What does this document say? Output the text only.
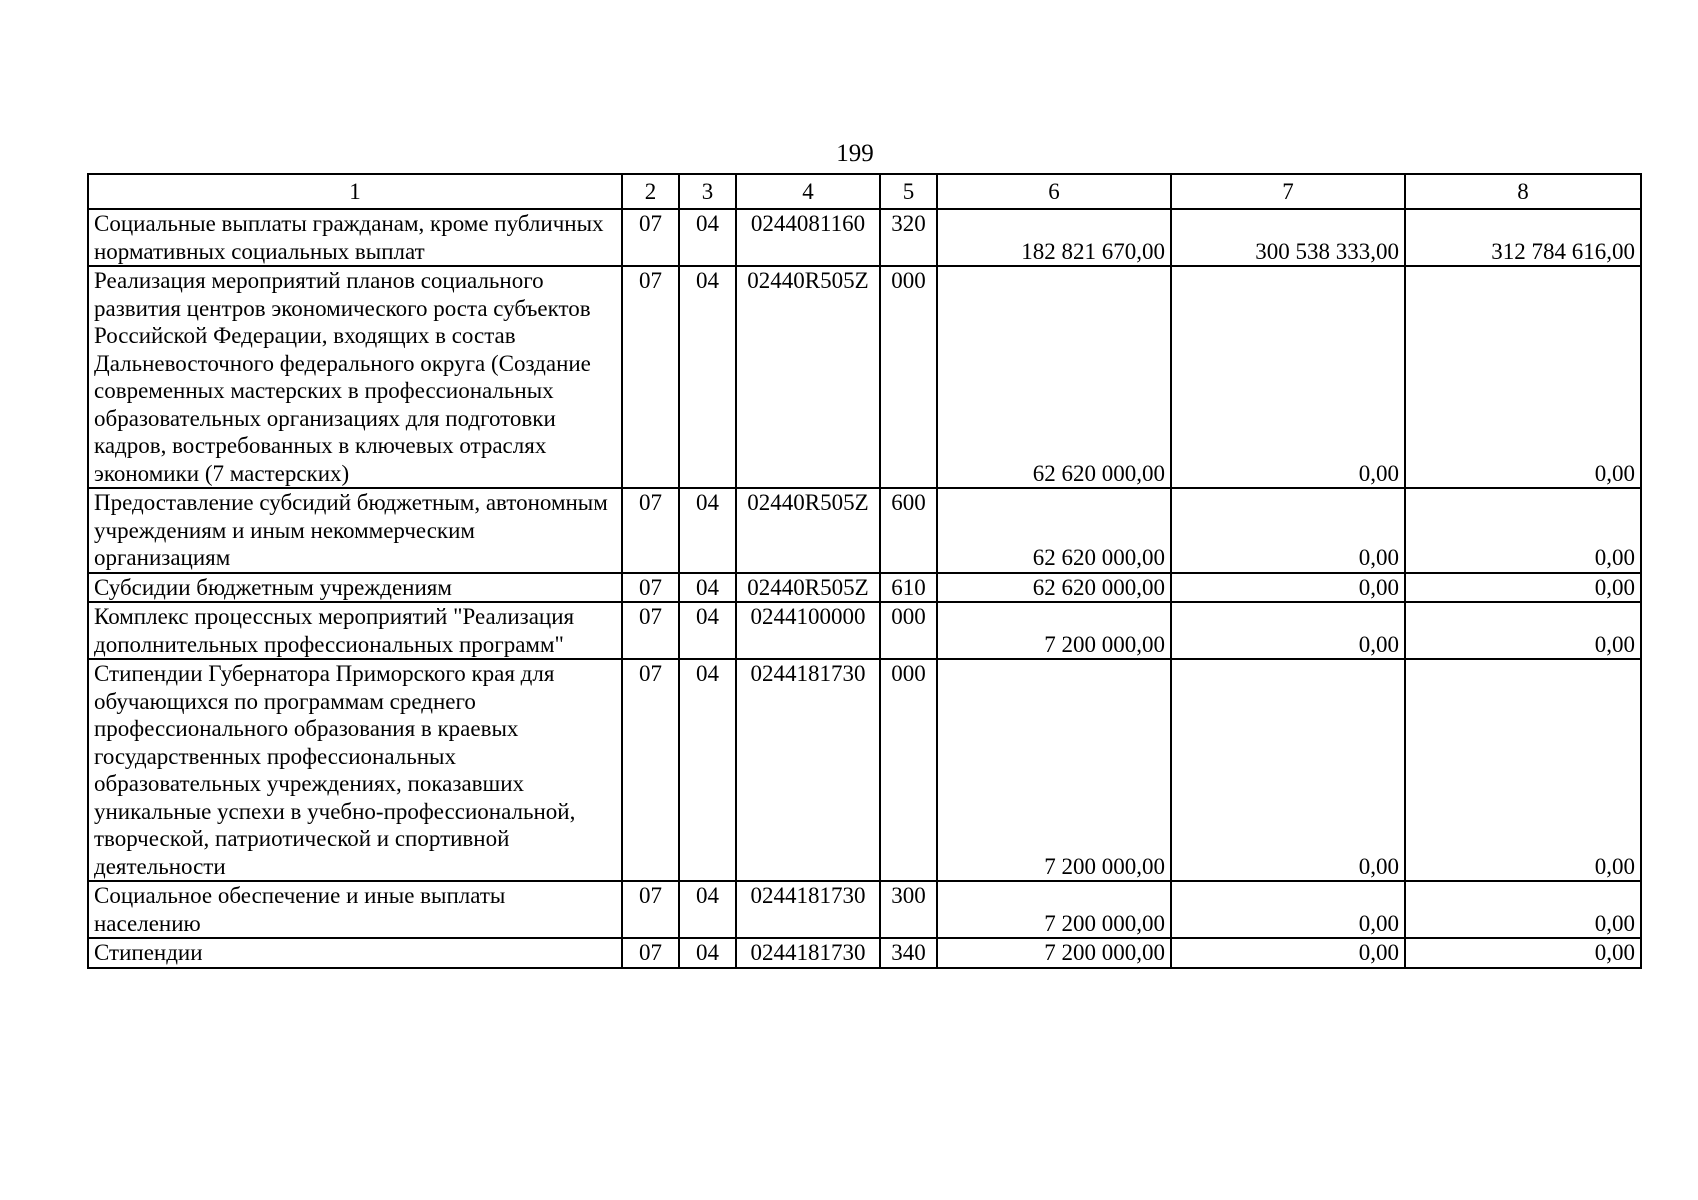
199
1	2	3	4	5	6	7	8
Социальные выплаты гражданам, кроме публичных нормативных социальных выплат	07	04	0244081160	320	182 821 670,00	300 538 333,00	312 784 616,00
Реализация мероприятий планов социального развития центров экономического роста субъектов Российской Федерации, входящих в состав Дальневосточного федерального округа (Создание современных мастерских в профессиональных образовательных организациях для подготовки кадров, востребованных в ключевых отраслях экономики (7 мастерских)	07	04	02440R505Z	000	62 620 000,00	0,00	0,00
Предоставление субсидий бюджетным, автономным учреждениям и иным некоммерческим организациям	07	04	02440R505Z	600	62 620 000,00	0,00	0,00
Субсидии бюджетным учреждениям	07	04	02440R505Z	610	62 620 000,00	0,00	0,00
Комплекс процессных мероприятий "Реализация дополнительных профессиональных программ"	07	04	0244100000	000	7 200 000,00	0,00	0,00
Стипендии Губернатора Приморского края для обучающихся по программам среднего профессионального образования в краевых государственных профессиональных образовательных учреждениях, показавших уникальные успехи в учебно-профессиональной, творческой, патриотической и спортивной деятельности	07	04	0244181730	000	7 200 000,00	0,00	0,00
Социальное обеспечение и иные выплаты населению	07	04	0244181730	300	7 200 000,00	0,00	0,00
Стипендии	07	04	0244181730	340	7 200 000,00	0,00	0,00
